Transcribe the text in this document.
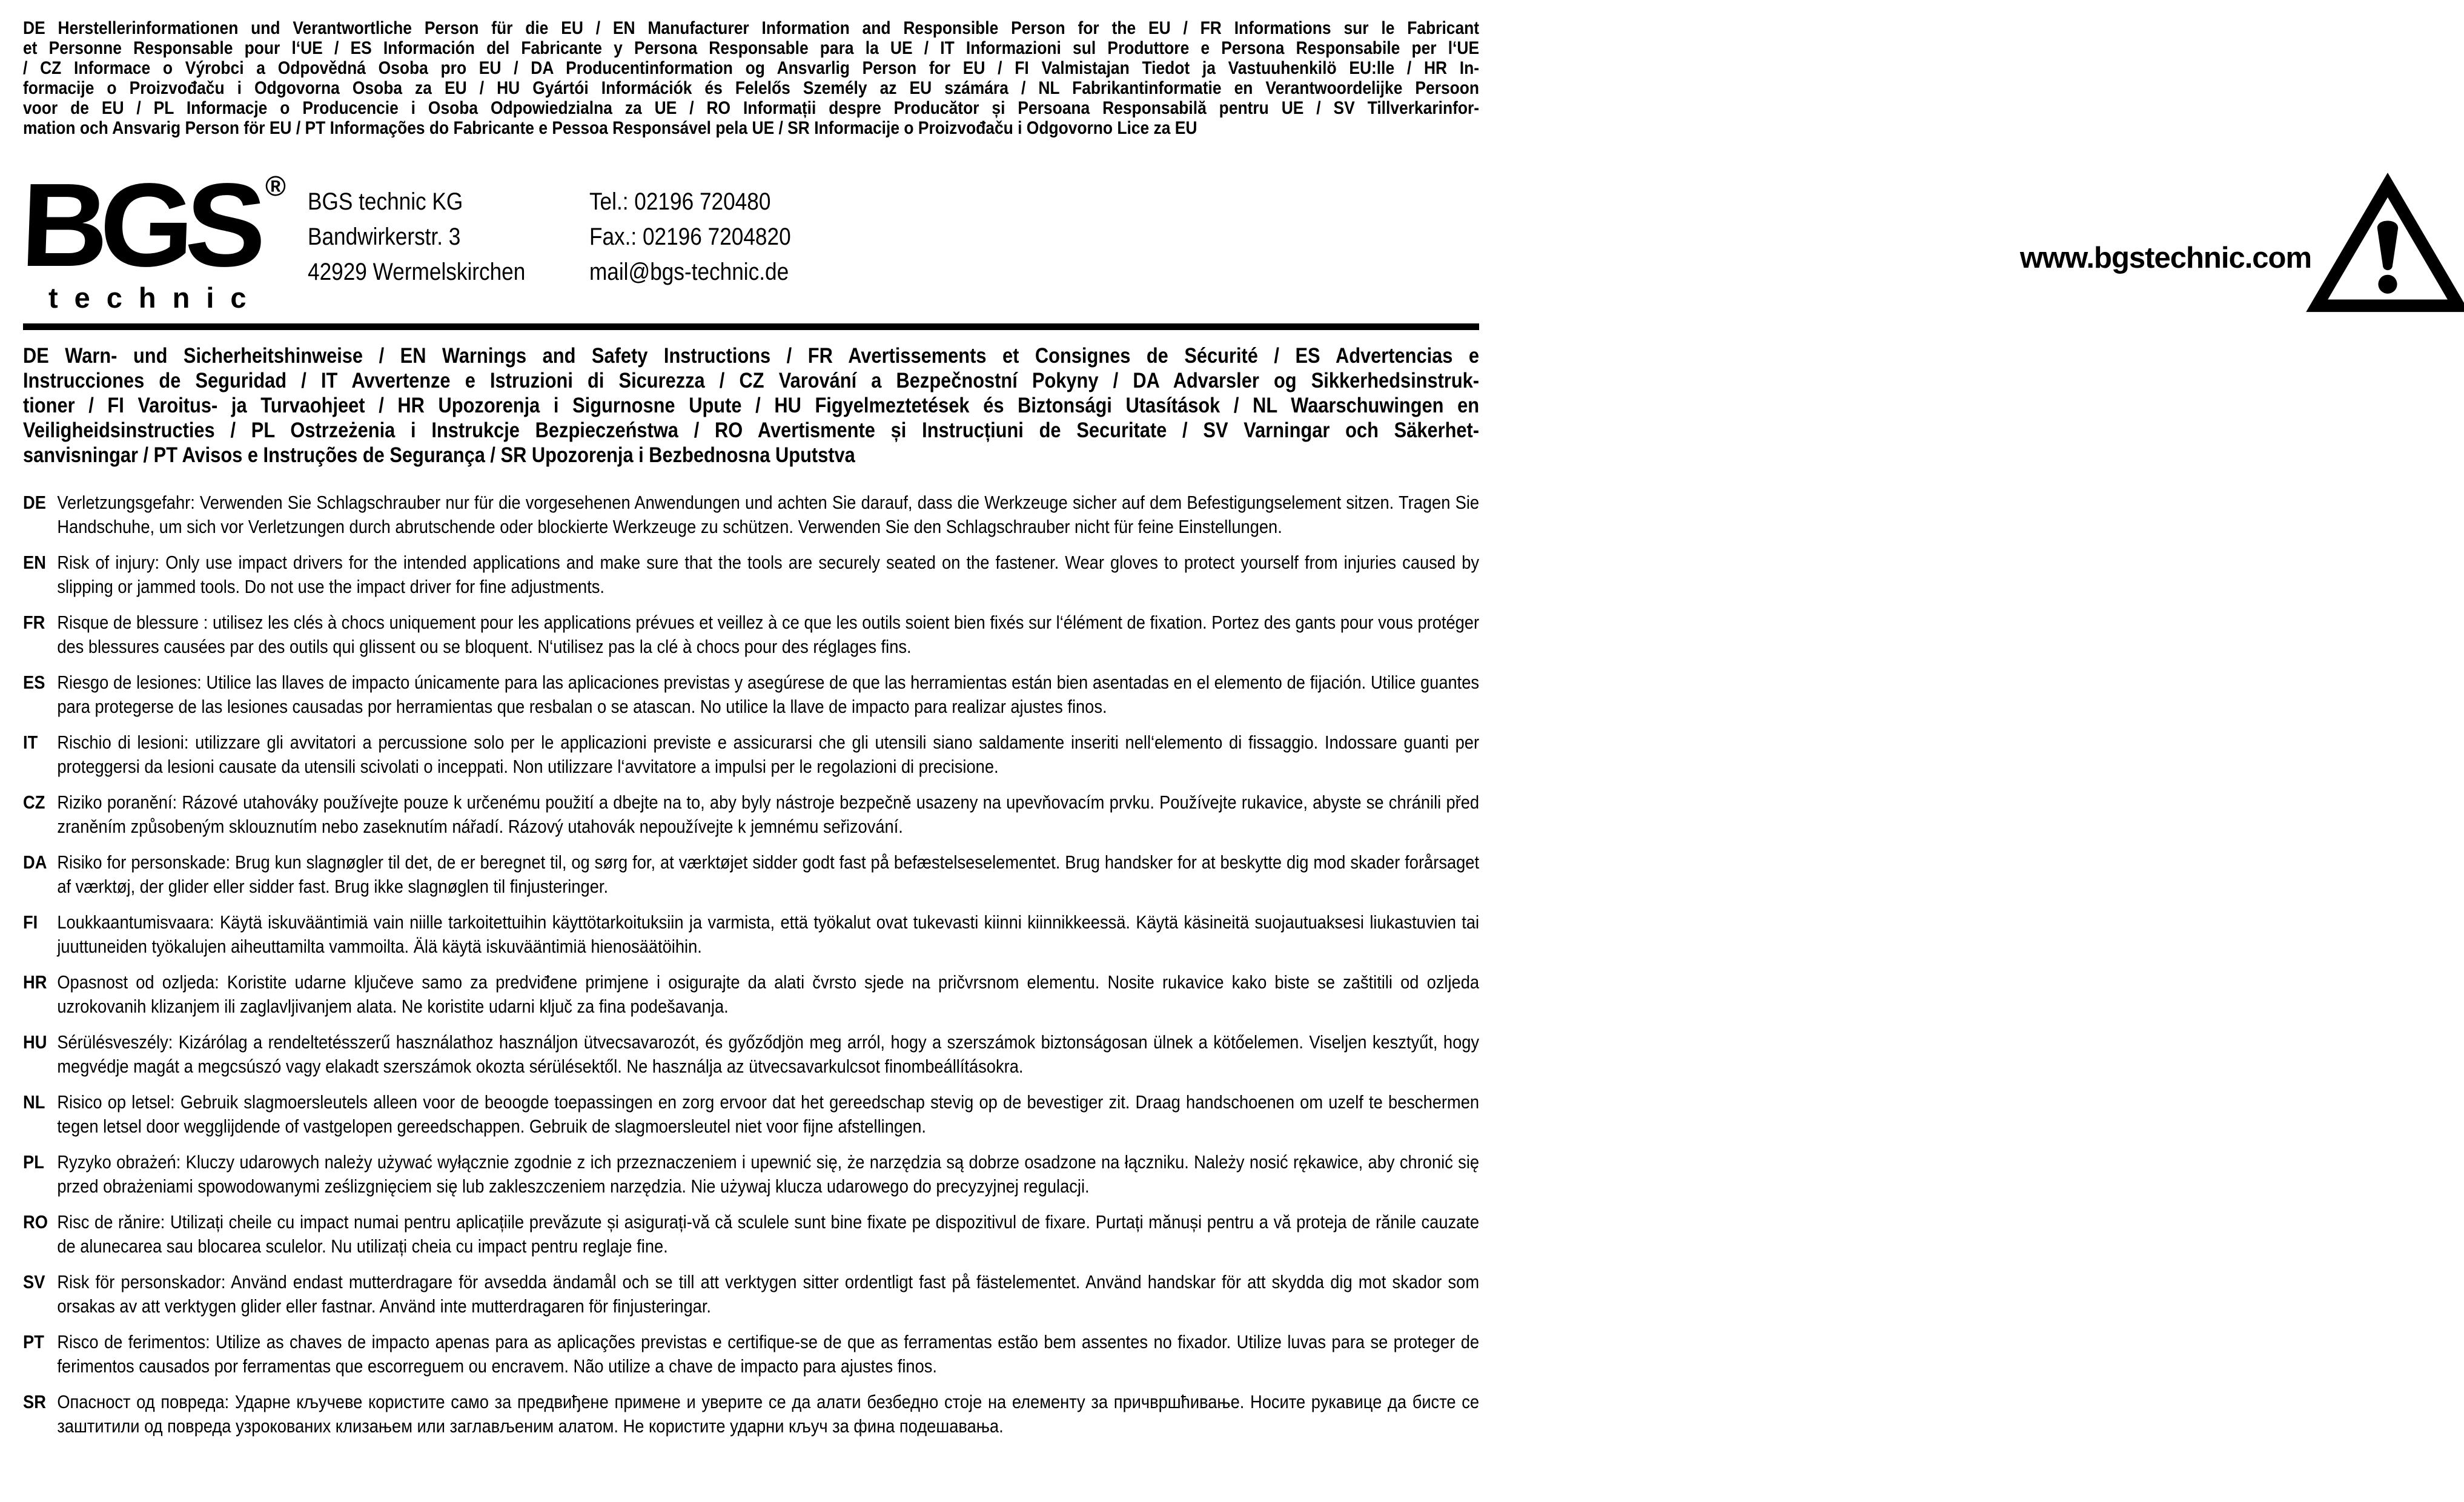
DE Herstellerinformationen und Verantwortliche Person für die EU / EN Manufacturer Information and Responsible Person for the EU / FR Informations sur le Fabricant
et Personne Responsable pour l‘UE / ES Información del Fabricante y Persona Responsable para la UE / IT Informazioni sul Produttore e Persona Responsabile per l‘UE
/ CZ Informace o Výrobci a Odpovědná Osoba pro EU / DA Producentinformation og Ansvarlig Person for EU / FI Valmistajan Tiedot ja Vastuuhenkilö EU:lle / HR In-
formacije o Proizvođaču i Odgovorna Osoba za EU / HU Gyártói Információk és Felelős Személy az EU számára / NL Fabrikantinformatie en Verantwoordelijke Persoon
voor de EU / PL Informacje o Producencie i Osoba Odpowiedzialna za UE / RO Informații despre Producător și Persoana Responsabilă pentru UE / SV Tillverkarinfor-
mation och Ansvarig Person för EU / PT Informações do Fabricante e Pessoa Responsável pela UE / SR Informacije o Proizvođaču i Odgovorno Lice za EU
BGS ®
technic
BGS technic KG
Bandwirkerstr. 3
42929 Wermelskirchen
Tel.: 02196 720480
Fax.: 02196 7204820
mail@bgs-technic.de	www.bgstechnic.com
DE Warn- und Sicherheitshinweise / EN Warnings and Safety Instructions / FR Avertissements et Consignes de Sécurité / ES Advertencias e
Instrucciones de Seguridad / IT Avvertenze e Istruzioni di Sicurezza / CZ Varování a Bezpečnostní Pokyny / DA Advarsler og Sikkerhedsinstruk-
tioner / FI Varoitus- ja Turvaohjeet / HR Upozorenja i Sigurnosne Upute / HU Figyelmeztetések és Biztonsági Utasítások / NL Waarschuwingen en
Veiligheidsinstructies / PL Ostrzeżenia i Instrukcje Bezpieczeństwa / RO Avertismente și Instrucțiuni de Securitate / SV Varningar och Säkerhet-
sanvisningar / PT Avisos e Instruções de Segurança / SR Upozorenja i Bezbednosna Uputstva
DE Verletzungsgefahr: Verwenden Sie Schlagschrauber nur für die vorgesehenen Anwendungen und achten Sie darauf, dass die Werkzeuge sicher auf dem Befestigungselement sitzen. Tragen Sie Handschuhe, um sich vor Verletzungen durch abrutschende oder blockierte Werkzeuge zu schützen. Verwenden Sie den Schlagschrauber nicht für feine Einstellungen.

EN Risk of injury: Only use impact drivers for the intended applications and make sure that the tools are securely seated on the fastener. Wear gloves to protect yourself from injuries caused by slipping or jammed tools. Do not use the impact driver for fine adjustments.

FR Risque de blessure : utilisez les clés à chocs uniquement pour les applications prévues et veillez à ce que les outils soient bien fixés sur l‘élément de fixation. Portez des gants pour vous protéger des blessures causées par des outils qui glissent ou se bloquent. N‘utilisez pas la clé à chocs pour des réglages fins.

ES Riesgo de lesiones: Utilice las llaves de impacto únicamente para las aplicaciones previstas y asegúrese de que las herramientas están bien asentadas en el elemento de fijación. Utilice guantes para protegerse de las lesiones causadas por herramientas que resbalan o se atascan. No utilice la llave de impacto para realizar ajustes finos.

IT	Rischio di lesioni: utilizzare gli avvitatori a percussione solo per le applicazioni previste e assicurarsi che gli utensili siano saldamente inseriti nell‘elemento di fissaggio. Indossare guanti per proteggersi da lesioni causate da utensili scivolati o inceppati. Non utilizzare l‘avvitatore a impulsi per le regolazioni di precisione.

CZ Riziko poranění: Rázové utahováky používejte pouze k určenému použití a dbejte na to, aby byly nástroje bezpečně usazeny na upevňovacím prvku. Používejte rukavice, abyste se chránili před zraněním způsobeným sklouznutím nebo zaseknutím nářadí. Rázový utahovák nepoužívejte k jemnému seřizování.

DA Risiko for personskade: Brug kun slagnøgler til det, de er beregnet til, og sørg for, at værktøjet sidder godt fast på befæstelseselementet. Brug handsker for at beskytte dig mod skader forårsaget af værktøj, der glider eller sidder fast. Brug ikke slagnøglen til finjusteringer.

FI	Loukkaantumisvaara: Käytä iskuvääntimiä vain niille tarkoitettuihin käyttötarkoituksiin ja varmista, että työkalut ovat tukevasti kiinni kiinnikkeessä. Käytä käsineitä suojautuaksesi liukastuvien tai juuttuneiden työkalujen aiheuttamilta vammoilta. Älä käytä iskuvääntimiä hienosäätöihin.

HR Opasnost od ozljeda: Koristite udarne ključeve samo za predviđene primjene i osigurajte da alati čvrsto sjede na pričvrsnom elementu. Nosite rukavice kako biste se zaštitili od ozljeda uzrokovanih klizanjem ili zaglavljivanjem alata. Ne koristite udarni ključ za fina podešavanja.

HU Sérülésveszély: Kizárólag a rendeltetésszerű használathoz használjon ütvecsavarozót, és győződjön meg arról, hogy a szerszámok biztonságosan ülnek a kötőelemen. Viseljen kesztyűt, hogy megvédje magát a megcsúszó vagy elakadt szerszámok okozta sérülésektől. Ne használja az ütvecsavarkulcsot finombeállításokra.

NL Risico op letsel: Gebruik slagmoersleutels alleen voor de beoogde toepassingen en zorg ervoor dat het gereedschap stevig op de bevestiger zit. Draag handschoenen om uzelf te beschermen tegen letsel door wegglijdende of vastgelopen gereedschappen. Gebruik de slagmoersleutel niet voor fijne afstellingen.

PL Ryzyko obrażeń: Kluczy udarowych należy używać wyłącznie zgodnie z ich przeznaczeniem i upewnić się, że narzędzia są dobrze osadzone na łączniku. Należy nosić rękawice, aby chronić się przed obrażeniami spowodowanymi ześlizgnięciem się lub zakleszczeniem narzędzia. Nie używaj klucza udarowego do precyzyjnej regulacji.

RO Risc de rănire: Utilizați cheile cu impact numai pentru aplicațiile prevăzute și asigurați-vă că sculele sunt bine fixate pe dispozitivul de fixare. Purtați mănuși pentru a vă proteja de rănile cauzate de alunecarea sau blocarea sculelor. Nu utilizați cheia cu impact pentru reglaje fine.

SV Risk för personskador: Använd endast mutterdragare för avsedda ändamål och se till att verktygen sitter ordentligt fast på fästelementet. Använd handskar för att skydda dig mot skador som orsakas av att verktygen glider eller fastnar. Använd inte mutterdragaren för finjusteringar.

PT Risco de ferimentos: Utilize as chaves de impacto apenas para as aplicações previstas e certifique-se de que as ferramentas estão bem assentes no fixador. Utilize luvas para se proteger de ferimentos causados por ferramentas que escorreguem ou encravem. Não utilize a chave de impacto para ajustes finos.

SR Опасност од повреда: Ударне кључеве користите само за предвиђене примене и уверите се да алати безбедно стоје на елементу за причвршћивање. Носите рукавице да бисте се заштитили од повреда узрокованих клизањем или заглављеним алатом. Не користите ударни кључ за фина подешавања.
